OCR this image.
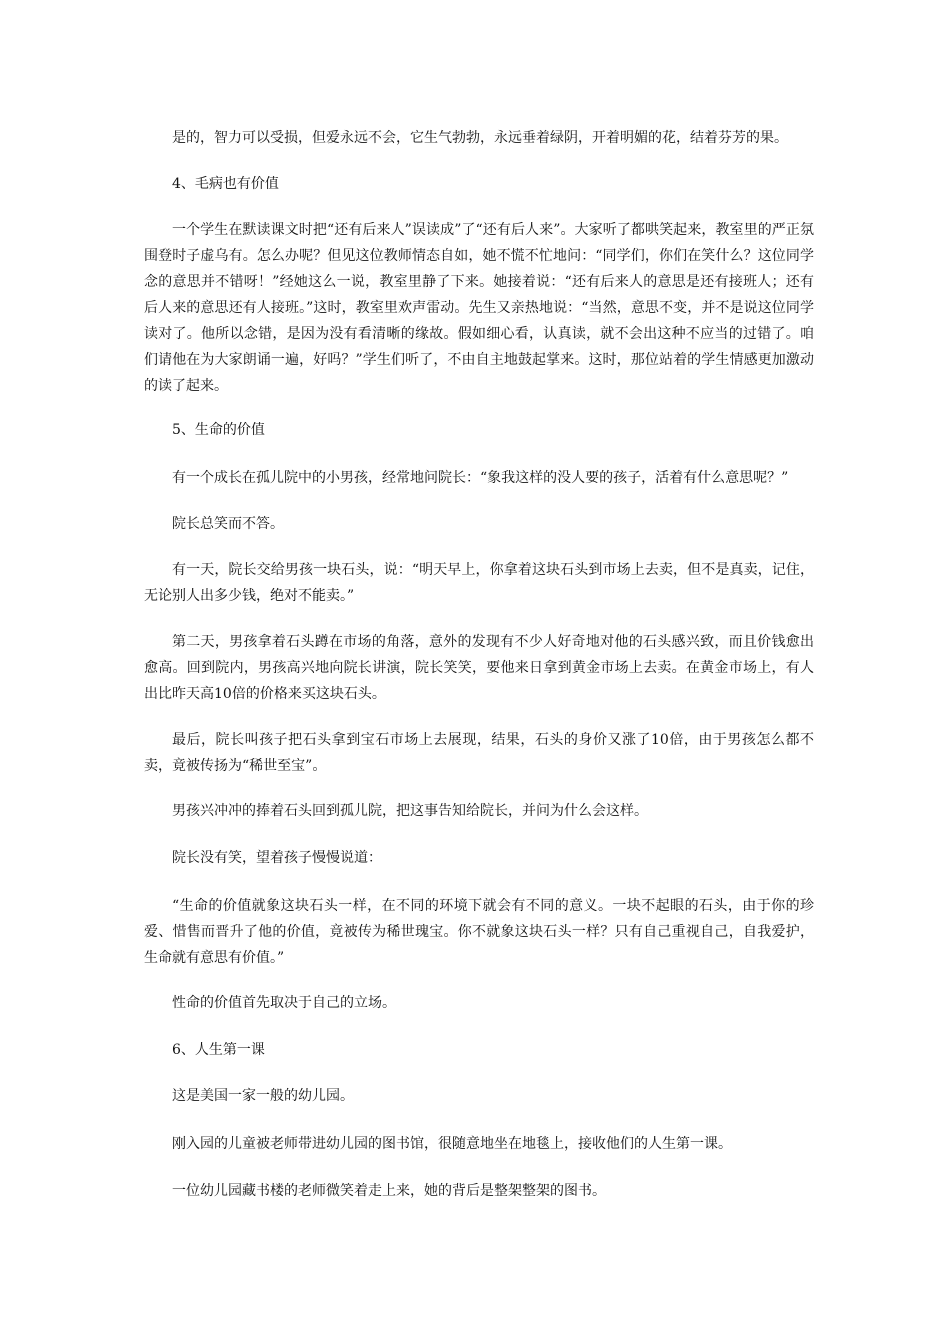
是的，智力可以受损，但爱永远不会，它生气勃勃，永远垂着绿阴，开着明媚的花，结着芬芳的果。

4、毛病也有价值

一个学生在默读课文时把“还有后来人”误读成”了“还有后人来”。大家听了都哄笑起来，教室里的严正氛围登时子虚乌有。怎么办呢？但见这位教师情态自如，她不慌不忙地问：“同学们，你们在笑什么？这位同学念的意思并不错呀！”经她这么一说，教室里静了下来。她接着说：“还有后来人的意思是还有接班人；还有后人来的意思还有人接班。”这时，教室里欢声雷动。先生又亲热地说：“当然，意思不变，并不是说这位同学读对了。他所以念错，是因为没有看清晰的缘故。假如细心看，认真读，就不会出这种不应当的过错了。咱们请他在为大家朗诵一遍，好吗？”学生们听了，不由自主地鼓起掌来。这时，那位站着的学生情感更加激动的读了起来。

5、生命的价值

有一个成长在孤儿院中的小男孩，经常地问院长：“象我这样的没人要的孩子，活着有什么意思呢？”

院长总笑而不答。

有一天，院长交给男孩一块石头，说：“明天早上，你拿着这块石头到市场上去卖，但不是真卖，记住，无论别人出多少钱，绝对不能卖。”

第二天，男孩拿着石头蹲在市场的角落，意外的发现有不少人好奇地对他的石头感兴致，而且价钱愈出愈高。回到院内，男孩高兴地向院长讲演，院长笑笑，要他来日拿到黄金市场上去卖。在黄金市场上，有人出比昨天高10倍的价格来买这块石头。

最后，院长叫孩子把石头拿到宝石市场上去展现，结果，石头的身价又涨了10倍，由于男孩怎么都不卖，竟被传扬为“稀世至宝”。

男孩兴冲冲的捧着石头回到孤儿院，把这事告知给院长，并问为什么会这样。

院长没有笑，望着孩子慢慢说道：

“生命的价值就象这块石头一样，在不同的环境下就会有不同的意义。一块不起眼的石头，由于你的珍爱、惜售而晋升了他的价值，竟被传为稀世瑰宝。你不就象这块石头一样？只有自己重视自己，自我爱护，生命就有意思有价值。”

性命的价值首先取决于自己的立场。

6、人生第一课

这是美国一家一般的幼儿园。

刚入园的儿童被老师带进幼儿园的图书馆，很随意地坐在地毯上，接收他们的人生第一课。

一位幼儿园藏书楼的老师微笑着走上来，她的背后是整架整架的图书。
